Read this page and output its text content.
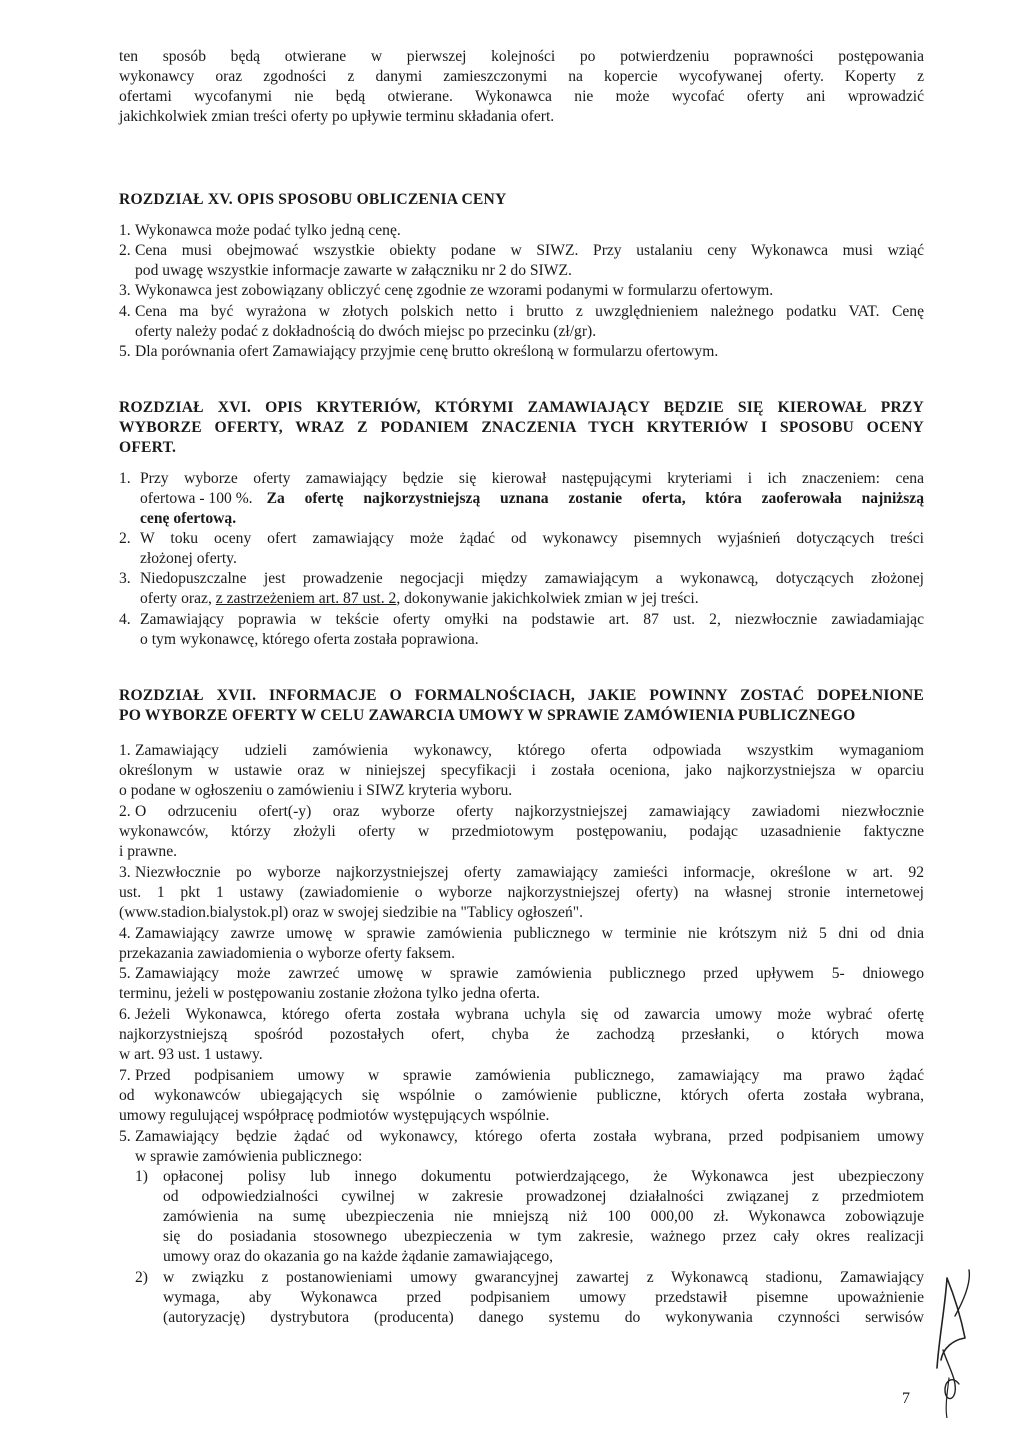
ten sposób będą otwierane w pierwszej kolejności po potwierdzeniu poprawności postępowania
wykonawcy oraz zgodności z danymi zamieszczonymi na kopercie wycofywanej oferty. Koperty z
ofertami wycofanymi nie będą otwierane. Wykonawca nie może wycofać oferty ani wprowadzić
jakichkolwiek zmian treści oferty po upływie terminu składania ofert.
ROZDZIAŁ XV. OPIS SPOSOBU OBLICZENIA CENY
1. Wykonawca może podać tylko jedną cenę.
2. Cena musi obejmować wszystkie obiekty podane w SIWZ. Przy ustalaniu ceny Wykonawca musi wziąć
pod uwagę wszystkie informacje zawarte w załączniku nr 2 do SIWZ.
3. Wykonawca jest zobowiązany obliczyć cenę zgodnie ze wzorami podanymi w formularzu ofertowym.
4. Cena ma być wyrażona w złotych polskich netto i brutto z uwzględnieniem należnego podatku VAT. Cenę
oferty należy podać z dokładnością do dwóch miejsc po przecinku (zł/gr).
5. Dla porównania ofert Zamawiający przyjmie cenę brutto określoną w formularzu ofertowym.
ROZDZIAŁ XVI. OPIS KRYTERIÓW, KTÓRYMI ZAMAWIAJĄCY BĘDZIE SIĘ KIEROWAŁ PRZY
WYBORZE OFERTY, WRAZ Z PODANIEM ZNACZENIA TYCH KRYTERIÓW I SPOSOBU OCENY
OFERT.
1. Przy wyborze oferty zamawiający będzie się kierował następującymi kryteriami i ich znaczeniem: cena
ofertowa - 100 %. Za ofertę najkorzystniejszą uznana zostanie oferta, która zaoferowała najniższą
cenę ofertową.
2. W toku oceny ofert zamawiający może żądać od wykonawcy pisemnych wyjaśnień dotyczących treści
złożonej oferty.
3. Niedopuszczalne jest prowadzenie negocjacji między zamawiającym a wykonawcą, dotyczących złożonej
oferty oraz, z zastrzeżeniem art. 87 ust. 2, dokonywanie jakichkolwiek zmian w jej treści.
4. Zamawiający poprawia w tekście oferty omyłki na podstawie art. 87 ust. 2, niezwłocznie zawiadamiając
o tym wykonawcę, którego oferta została poprawiona.
ROZDZIAŁ XVII. INFORMACJE O FORMALNOŚCIACH, JAKIE POWINNY ZOSTAĆ DOPEŁNIONE
PO WYBORZE OFERTY W CELU ZAWARCIA UMOWY W SPRAWIE ZAMÓWIENIA PUBLICZNEGO
1. Zamawiający udzieli zamówienia wykonawcy, którego oferta odpowiada wszystkim wymaganiom
określonym w ustawie oraz w niniejszej specyfikacji i została oceniona, jako najkorzystniejsza w oparciu
o podane w ogłoszeniu o zamówieniu i SIWZ kryteria wyboru.
2. O odrzuceniu ofert(-y) oraz wyborze oferty najkorzystniejszej zamawiający zawiadomi niezwłocznie
wykonawców, którzy złożyli oferty w przedmiotowym postępowaniu, podając uzasadnienie faktyczne
i prawne.
3. Niezwłocznie po wyborze najkorzystniejszej oferty zamawiający zamieści informacje, określone w art. 92
ust. 1 pkt 1 ustawy (zawiadomienie o wyborze najkorzystniejszej oferty) na własnej stronie internetowej
(www.stadion.bialystok.pl) oraz w swojej siedzibie na "Tablicy ogłoszeń".
4. Zamawiający zawrze umowę w sprawie zamówienia publicznego w terminie nie krótszym niż 5 dni od dnia
przekazania zawiadomienia o wyborze oferty faksem.
5. Zamawiający może zawrzeć umowę w sprawie zamówienia publicznego przed upływem 5- dniowego
terminu, jeżeli w postępowaniu zostanie złożona tylko jedna oferta.
6. Jeżeli Wykonawca, którego oferta została wybrana uchyla się od zawarcia umowy może wybrać ofertę
najkorzystniejszą spośród pozostałych ofert, chyba że zachodzą przesłanki, o których mowa
w art. 93 ust. 1 ustawy.
7. Przed podpisaniem umowy w sprawie zamówienia publicznego, zamawiający ma prawo żądać
od wykonawców ubiegających się wspólnie o zamówienie publiczne, których oferta została wybrana,
umowy regulującej współpracę podmiotów występujących wspólnie.
5. Zamawiający będzie żądać od wykonawcy, którego oferta została wybrana, przed podpisaniem umowy
w sprawie zamówienia publicznego:
1) opłaconej polisy lub innego dokumentu potwierdzającego, że Wykonawca jest ubezpieczony
od odpowiedzialności cywilnej w zakresie prowadzonej działalności związanej z przedmiotem
zamówienia na sumę ubezpieczenia nie mniejszą niż 100 000,00 zł. Wykonawca zobowiązuje
się do posiadania stosownego ubezpieczenia w tym zakresie, ważnego przez cały okres realizacji
umowy oraz do okazania go na każde żądanie zamawiającego,
2) w związku z postanowieniami umowy gwarancyjnej zawartej z Wykonawcą stadionu, Zamawiający
wymaga, aby Wykonawca przed podpisaniem umowy przedstawił pisemne upoważnienie
(autoryzację) dystrybutora (producenta) danego systemu do wykonywania czynności serwisów
7
